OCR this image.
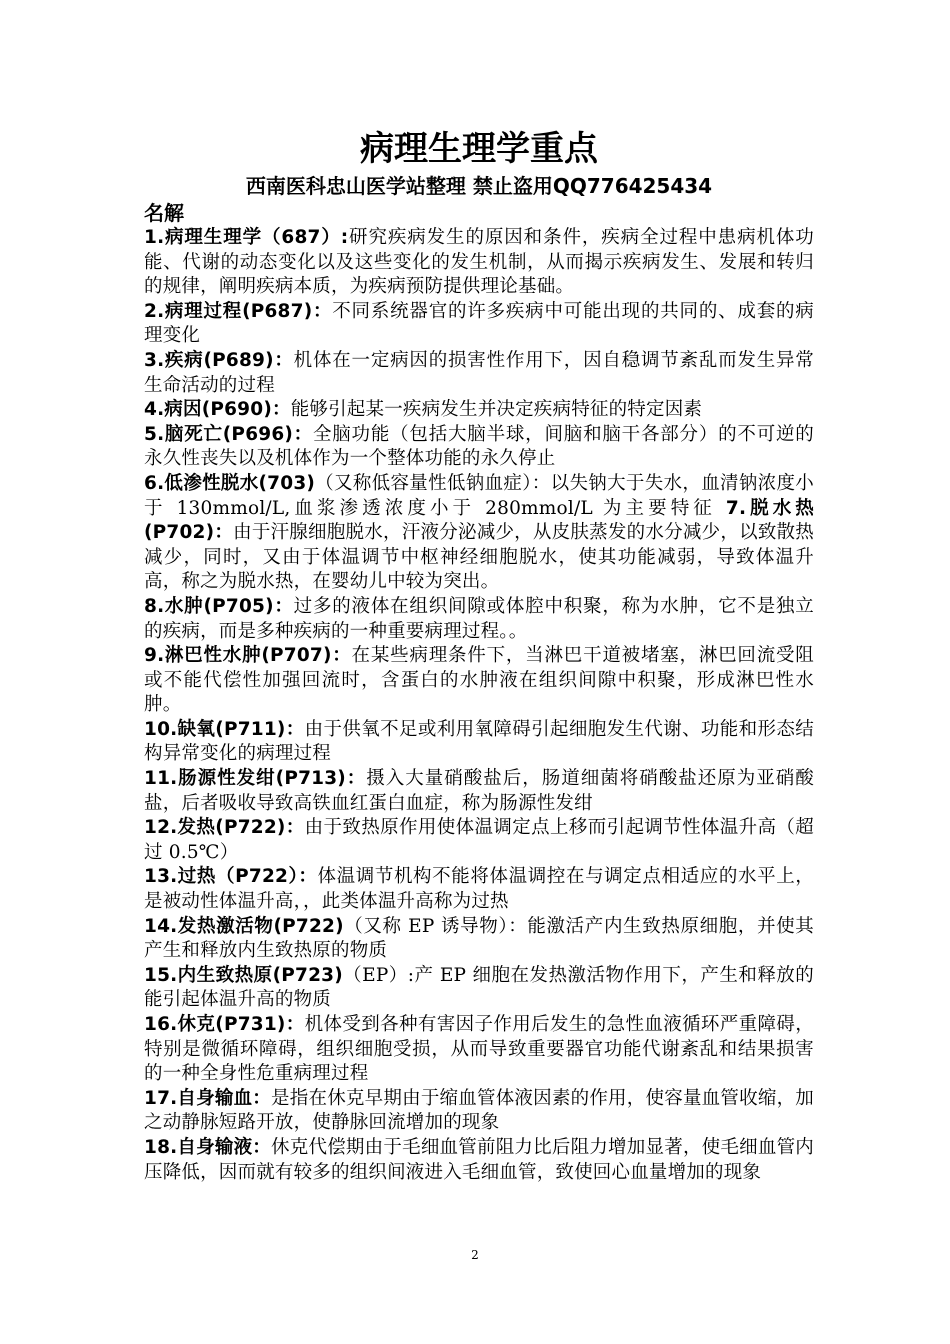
病理生理学重点

西南医科忠山医学站整理 禁止盗用QQ776425434

名解

1.病理生理学（687）:研究疾病发生的原因和条件，疾病全过程中患病机体功能、代谢的动态变化以及这些变化的发生机制，从而揭示疾病发生、发展和转归的规律，阐明疾病本质，为疾病预防提供理论基础。

2.病理过程(P687)：不同系统器官的许多疾病中可能出现的共同的、成套的病理变化

3.疾病(P689)：机体在一定病因的损害性作用下，因自稳调节紊乱而发生异常生命活动的过程

4.病因(P690)：能够引起某一疾病发生并决定疾病特征的特定因素

5.脑死亡(P696)：全脑功能（包括大脑半球，间脑和脑干各部分）的不可逆的永久性丧失以及机体作为一个整体功能的永久停止

6.低渗性脱水(703)（又称低容量性低钠血症）：以失钠大于失水，血清钠浓度小于 130mmol/L,血浆渗透浓度小于 280mmol/L 为主要特征 7.脱水热(P702)：由于汗腺细胞脱水，汗液分泌减少，从皮肤蒸发的水分减少，以致散热减少，同时，又由于体温调节中枢神经细胞脱水，使其功能减弱，导致体温升高，称之为脱水热，在婴幼儿中较为突出。

8.水肿(P705)：过多的液体在组织间隙或体腔中积聚，称为水肿，它不是独立的疾病，而是多种疾病的一种重要病理过程。。

9.淋巴性水肿(P707)：在某些病理条件下，当淋巴干道被堵塞，淋巴回流受阻或不能代偿性加强回流时，含蛋白的水肿液在组织间隙中积聚，形成淋巴性水肿。

10.缺氧(P711)：由于供氧不足或利用氧障碍引起细胞发生代谢、功能和形态结构异常变化的病理过程

11.肠源性发绀(P713)：摄入大量硝酸盐后，肠道细菌将硝酸盐还原为亚硝酸盐，后者吸收导致高铁血红蛋白血症，称为肠源性发绀

12.发热(P722)：由于致热原作用使体温调定点上移而引起调节性体温升高（超过 0.5℃）

13.过热（P722）：体温调节机构不能将体温调控在与调定点相适应的水平上，是被动性体温升高，，此类体温升高称为过热

14.发热激活物(P722)（又称 EP 诱导物）：能激活产内生致热原细胞，并使其产生和释放内生致热原的物质

15.内生致热原(P723)（EP）:产 EP 细胞在发热激活物作用下，产生和释放的能引起体温升高的物质

16.休克(P731)：机体受到各种有害因子作用后发生的急性血液循环严重障碍，特别是微循环障碍，组织细胞受损，从而导致重要器官功能代谢紊乱和结果损害的一种全身性危重病理过程

17.自身输血：是指在休克早期由于缩血管体液因素的作用，使容量血管收缩，加之动静脉短路开放，使静脉回流增加的现象

18.自身输液：休克代偿期由于毛细血管前阻力比后阻力增加显著，使毛细血管内压降低，因而就有较多的组织间液进入毛细血管，致使回心血量增加的现象

2
